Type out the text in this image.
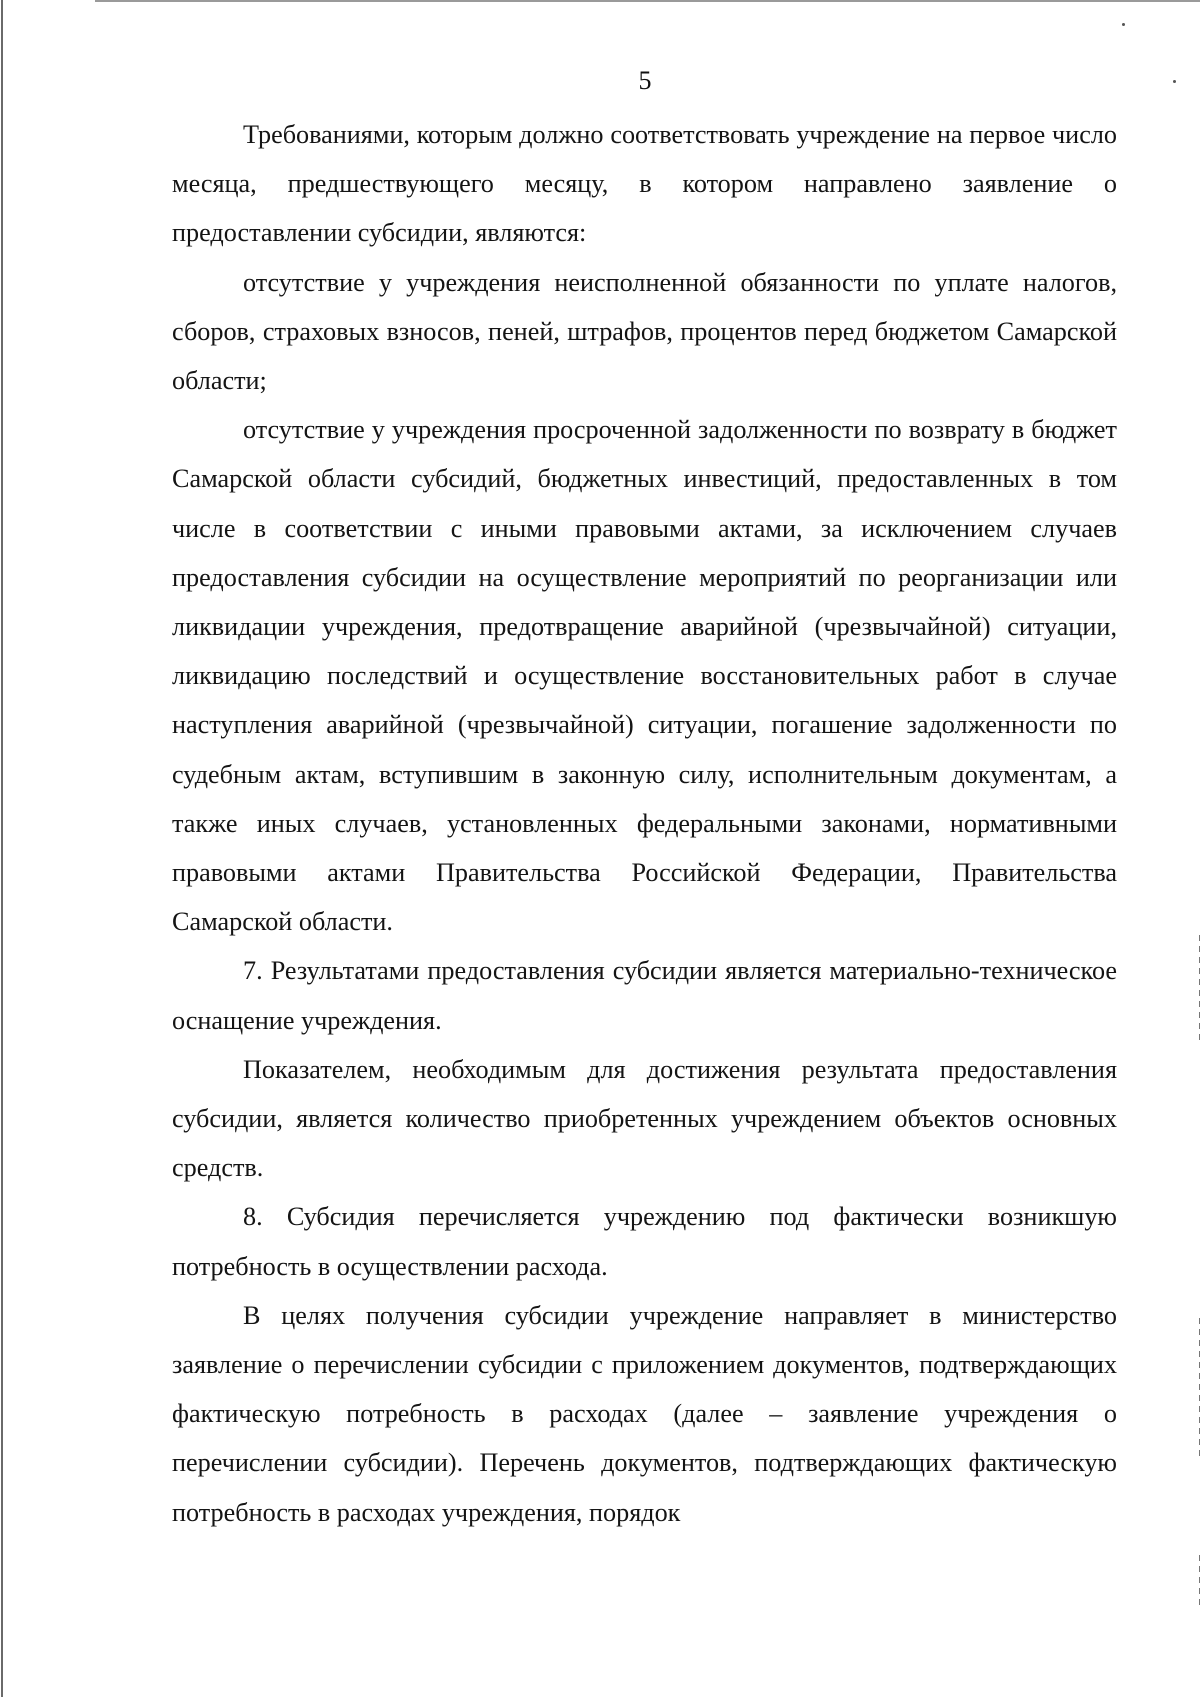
5

Требованиями, которым должно соответствовать учреждение на первое число месяца, предшествующего месяцу, в котором направлено заявление о предоставлении субсидии, являются:

отсутствие у учреждения неисполненной обязанности по уплате налогов, сборов, страховых взносов, пеней, штрафов, процентов перед бюджетом Самарской области;

отсутствие у учреждения просроченной задолженности по возврату в бюджет Самарской области субсидий, бюджетных инвестиций, предоставленных в том числе в соответствии с иными правовыми актами, за исключением случаев предоставления субсидии на осуществление мероприятий по реорганизации или ликвидации учреждения, предотвращение аварийной (чрезвычайной) ситуации, ликвидацию последствий и осуществление восстановительных работ в случае наступления аварийной (чрезвычайной) ситуации, погашение задолженности по судебным актам, вступившим в законную силу, исполнительным документам, а также иных случаев, установленных федеральными законами, нормативными правовыми актами Правительства Российской Федерации, Правительства Самарской области.

7. Результатами предоставления субсидии является материально-техническое оснащение учреждения.

Показателем, необходимым для достижения результата предоставления субсидии, является количество приобретенных учреждением объектов основных средств.

8. Субсидия перечисляется учреждению под фактически возникшую потребность в осуществлении расхода.

В целях получения субсидии учреждение направляет в министерство заявление о перечислении субсидии с приложением документов, подтверждающих фактическую потребность в расходах (далее – заявление учреждения о перечислении субсидии). Перечень документов, подтверждающих фактическую потребность в расходах учреждения, порядок
